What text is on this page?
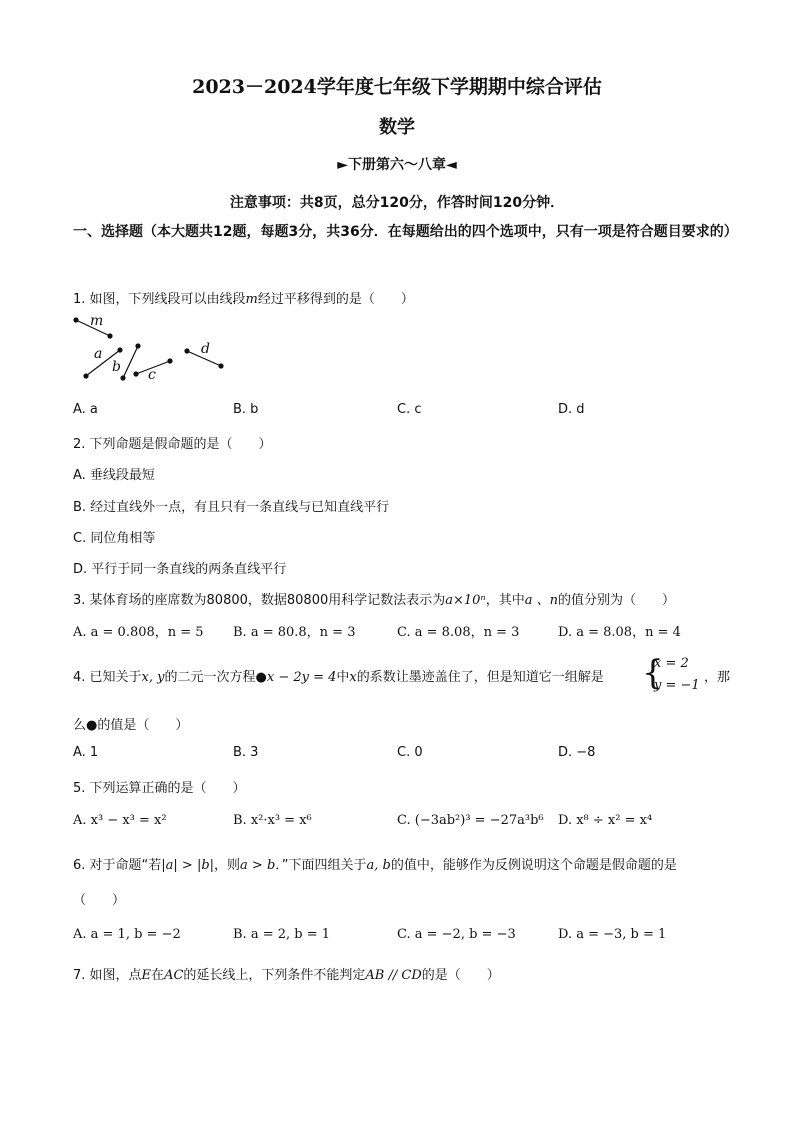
2023－2024学年度七年级下学期期中综合评估
数学
►下册第六～八章◄
注意事项：共8页，总分120分，作答时间120分钟．
一、选择题（本大题共12题，每题3分，共36分．在每题给出的四个选项中，只有一项是符合题目要求的）
1. 如图，下列线段可以由线段m经过平移得到的是（　　）
m
a
b c
d
A. a	B. b	C. c	D. d
2. 下列命题是假命题的是（　　）
A. 垂线段最短
B. 经过直线外一点，有且只有一条直线与已知直线平行
C. 同位角相等
D. 平行于同一条直线的两条直线平行
3. 某体育场的座席数为80800，数据80800用科学记数法表示为a×10ⁿ，其中a 、n的值分别为（　　）
A. a = 0.808，n = 5 B. a = 80.8，n = 3	C. a = 8.08，n = 3	D. a = 8.08，n = 4
4. 已知关于x, y的二元一次方程●x − 2y = 4中x的系数让墨迹盖住了，但是知道它一组解是 {
x = 2
y = −1
，那
么●的值是（　　）
A. 1	B. 3	C. 0	D. −8
5. 下列运算正确的是（　　）
A. x³ − x³ = x²	B. x²·x³ = x⁶	C. (−3ab²)³ = −27a³b⁶ D. x⁸ ÷ x² = x⁴
6. 对于命题“若|a| > |b|，则a > b．”下面四组关于a, b的值中，能够作为反例说明这个命题是假命题的是
（　　）
A. a = 1, b = −2	B. a = 2, b = 1	C. a = −2, b = −3	D. a = −3, b = 1
7. 如图，点E在AC的延长线上，下列条件不能判定AB // CD的是（　　）
